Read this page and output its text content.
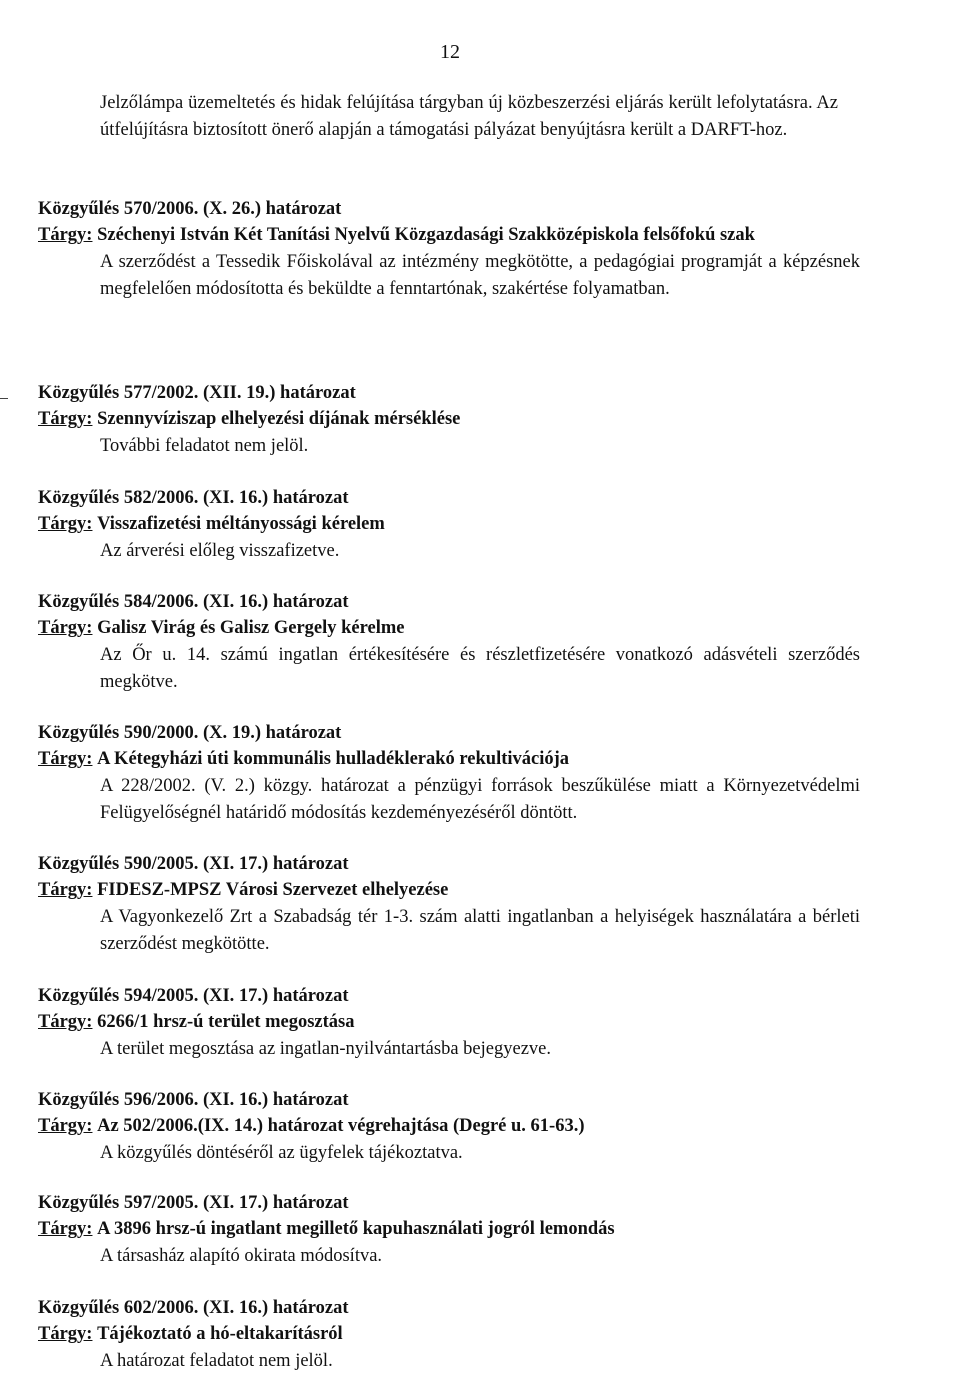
12
Jelzőlámpa üzemeltetés és hidak felújítása tárgyban új közbeszerzési eljárás került lefolytatásra. Az útfelújításra biztosított önerő alapján a támogatási pályázat benyújtásra került a DARFT-hoz.
Közgyűlés 570/2006. (X. 26.) határozat
Tárgy: Széchenyi István Két Tanítási Nyelvű Közgazdasági Szakközépiskola felsőfokú szak
A szerződést a Tessedik Főiskolával az intézmény megkötötte, a pedagógiai programját a képzésnek megfelelően módosította és beküldte a fenntartónak, szakértése folyamatban.
Közgyűlés 577/2002. (XII. 19.) határozat
Tárgy: Szennyvíziszap elhelyezési díjának mérséklése
További feladatot nem jelöl.
Közgyűlés 582/2006. (XI. 16.) határozat
Tárgy: Visszafizetési méltányossági kérelem
Az árverési előleg visszafizetve.
Közgyűlés 584/2006. (XI. 16.) határozat
Tárgy: Galisz Virág és Galisz Gergely kérelme
Az Őr u. 14. számú ingatlan értékesítésére és részletfizetésére vonatkozó adásvételi szerződés megkötve.
Közgyűlés 590/2000. (X. 19.) határozat
Tárgy: A Kétegyházi úti kommunális hulladéklerakó rekultivációja
A 228/2002. (V. 2.) közgy. határozat a pénzügyi források beszűkülése miatt a Környezetvédelmi Felügyelőségnél határidő módosítás kezdeményezéséről döntött.
Közgyűlés 590/2005. (XI. 17.) határozat
Tárgy: FIDESZ-MPSZ Városi Szervezet elhelyezése
A Vagyonkezelő Zrt a Szabadság tér 1-3. szám alatti ingatlanban a helyiségek használatára a bérleti szerződést megkötötte.
Közgyűlés 594/2005. (XI. 17.) határozat
Tárgy: 6266/1 hrsz-ú terület megosztása
A terület megosztása az ingatlan-nyilvántartásba bejegyezve.
Közgyűlés 596/2006. (XI. 16.) határozat
Tárgy: Az 502/2006.(IX. 14.) határozat végrehajtása (Degré u. 61-63.)
A közgyűlés döntéséről az ügyfelek tájékoztatva.
Közgyűlés 597/2005. (XI. 17.) határozat
Tárgy: A 3896 hrsz-ú ingatlant megillető kapuhasználati jogról lemondás
A társasház alapító okirata módosítva.
Közgyűlés 602/2006. (XI. 16.) határozat
Tárgy: Tájékoztató a hó-eltakarításról
A határozat feladatot nem jelöl.
